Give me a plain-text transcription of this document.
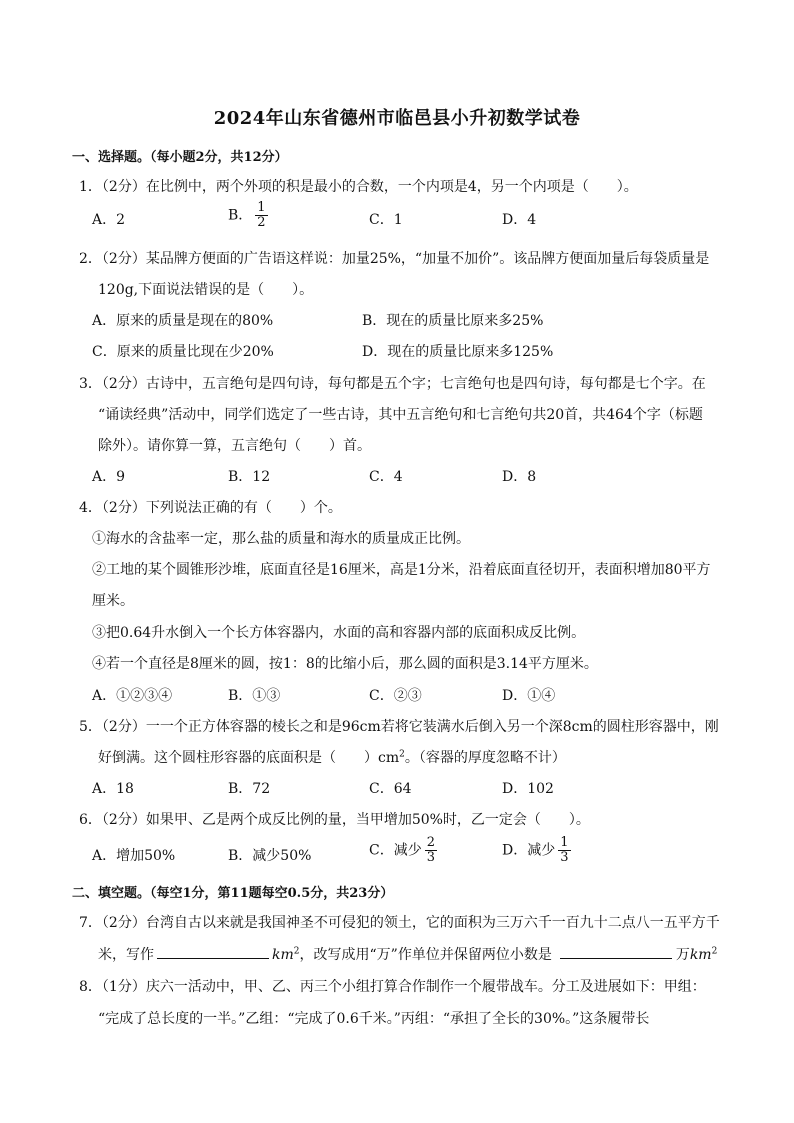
2024年山东省德州市临邑县小升初数学试卷
一、选择题。（每小题2分，共12分）
1．（2分）在比例中，两个外项的积是最小的合数，一个内项是4，另一个内项是（　　）。
A．2	B． $\frac{1}{2}$	C．1	D．4
2．（2分）某品牌方便面的广告语这样说：加量25%，“加量不加价”。该品牌方便面加量后每袋质量是
120g,下面说法错误的是（　　）。
A．原来的质量是现在的80%	B．现在的质量比原来多25%
C．原来的质量比现在少20%	D．现在的质量比原来多125%
3．（2分）古诗中，五言绝句是四句诗，每句都是五个字；七言绝句也是四句诗，每句都是七个字。在
“诵读经典”活动中，同学们选定了一些古诗，其中五言绝句和七言绝句共20首，共464个字（标题
除外）。请你算一算，五言绝句（　　）首。
A．9	B．12	C．4	D．8
4．（2分）下列说法正确的有（　　）个。
①海水的含盐率一定，那么盐的质量和海水的质量成正比例。
②工地的某个圆锥形沙堆，底面直径是16厘米，高是1分米，沿着底面直径切开，表面积增加80平方
厘米。
③把0.64升水倒入一个长方体容器内，水面的高和容器内部的底面积成反比例。
④若一个直径是8厘米的圆，按1：8的比缩小后，那么圆的面积是3.14平方厘米。
A．①②③④	B．①③	C．②③	D．①④
5．（2分）一一个正方体容器的棱长之和是96cm若将它装满水后倒入另一个深8cm的圆柱形容器中，刚
好倒满。这个圆柱形容器的底面积是（　　）$cm^2$。（容器的厚度忽略不计）
A．18	B．72	C．64	D．102
6．（2分）如果甲、乙是两个成反比例的量，当甲增加50%时，乙一定会（　　）。
A．增加50%	B．减少50%	C．减少 $\frac{2}{3}$	D．减少 $\frac{1}{3}$
二、填空题。（每空1分，第11题每空0.5分，共23分）
7．（2分）台湾自古以来就是我国神圣不可侵犯的领土，它的面积为三万六千一百九十二点八一五平方千
米，写作	$km^2$，改写成用“万”作单位并保留两位小数是	万$km^2$
8．（1分）庆六一活动中，甲、乙、丙三个小组打算合作制作一个履带战车。分工及进展如下：甲组：
“完成了总长度的一半。”乙组：“完成了0.6千米。”丙组：“承担了全长的30%。”这条履带长
